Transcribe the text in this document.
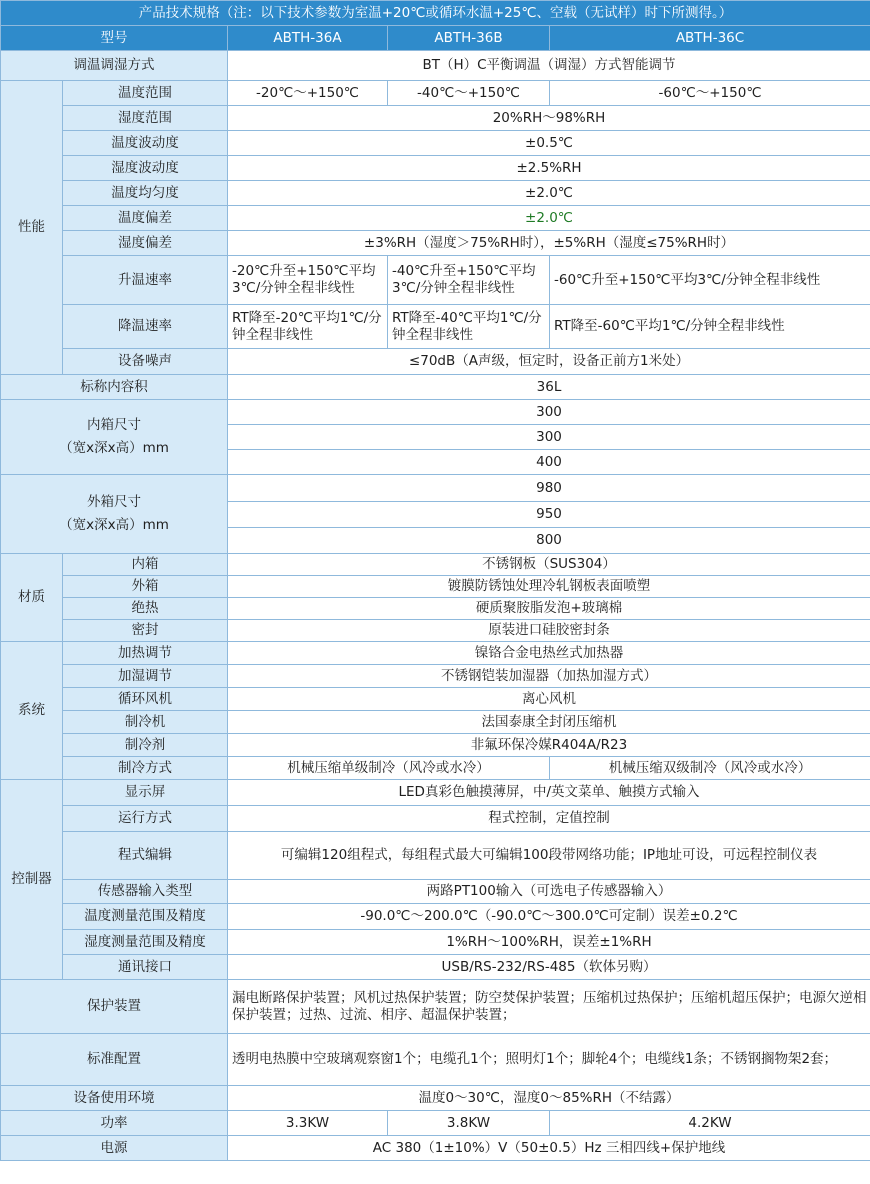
产品技术规格（注：以下技术参数为室温+20℃或循环水温+25℃、空载（无试样）时下所测得。）				
型号		ABTH-36A	ABTH-36B	ABTH-36C
调温调湿方式		BT（H）C平衡调温（调湿）方式智能调节		
性能	温度范围	-20℃～+150℃	-40℃～+150℃	-60℃～+150℃
	湿度范围	20%RH～98%RH		
	温度波动度	±0.5℃		
	湿度波动度	±2.5%RH		
	温度均匀度	±2.0℃		
	温度偏差	±2.0℃		
	湿度偏差	±3%RH（湿度＞75%RH时），±5%RH（湿度≤75%RH时）		
	升温速率	-20℃升至+150℃平均3℃/分钟全程非线性	-40℃升至+150℃平均3℃/分钟全程非线性	-60℃升至+150℃平均3℃/分钟全程非线性
	降温速率	RT降至-20℃平均1℃/分钟全程非线性	RT降至-40℃平均1℃/分钟全程非线性	RT降至-60℃平均1℃/分钟全程非线性
	设备噪声	≤70dB（A声级，恒定时，设备正前方1米处）		

标称内容积		36L		

内箱尺寸
（宽x深x高）mm		300		
		300		
		400		

外箱尺寸
（宽x深x高）mm		980		
		950		
		800		
材质	内箱	不锈钢板（SUS304）		
	外箱	镀膜防锈蚀处理冷轧钢板表面喷塑		
	绝热	硬质聚胺脂发泡+玻璃棉		
	密封	原装进口硅胶密封条		
系统	加热调节	镍铬合金电热丝式加热器		
	加湿调节	不锈钢铠装加湿器（加热加湿方式）		
	循环风机	离心风机		
	制冷机	法国泰康全封闭压缩机		
	制冷剂	非氟环保冷媒R404A/R23		
	制冷方式	机械压缩单级制冷（风冷或水冷）		机械压缩双级制冷（风冷或水冷）
控制器	显示屏	LED真彩色触摸薄屏，中/英文菜单、触摸方式输入		
	运行方式	程式控制，定值控制		
	程式编辑	可编辑120组程式，每组程式最大可编辑100段带网络功能；IP地址可设，可远程控制仪表		
	传感器输入类型	两路PT100输入（可选电子传感器输入）		
	温度测量范围及精度	-90.0℃～200.0℃（-90.0℃～300.0℃可定制）误差±0.2℃		
	湿度测量范围及精度	1%RH～100%RH，误差±1%RH		
	通讯接口	USB/RS-232/RS-485（软体另购）		
保护装置		漏电断路保护装置；风机过热保护装置；防空焚保护装置；压缩机过热保护；压缩机超压保护；电源欠逆相保护装置；过热、过流、相序、超温保护装置；		
标准配置		透明电热膜中空玻璃观察窗1个；电缆孔1个；照明灯1个；脚轮4个；电缆线1条；不锈钢搁物架2套；		
设备使用环境		温度0～30℃，湿度0～85%RH（不结露）		
功率		3.3KW	3.8KW	4.2KW
电源		AC 380（1±10%）V（50±0.5）Hz 三相四线+保护地线		
